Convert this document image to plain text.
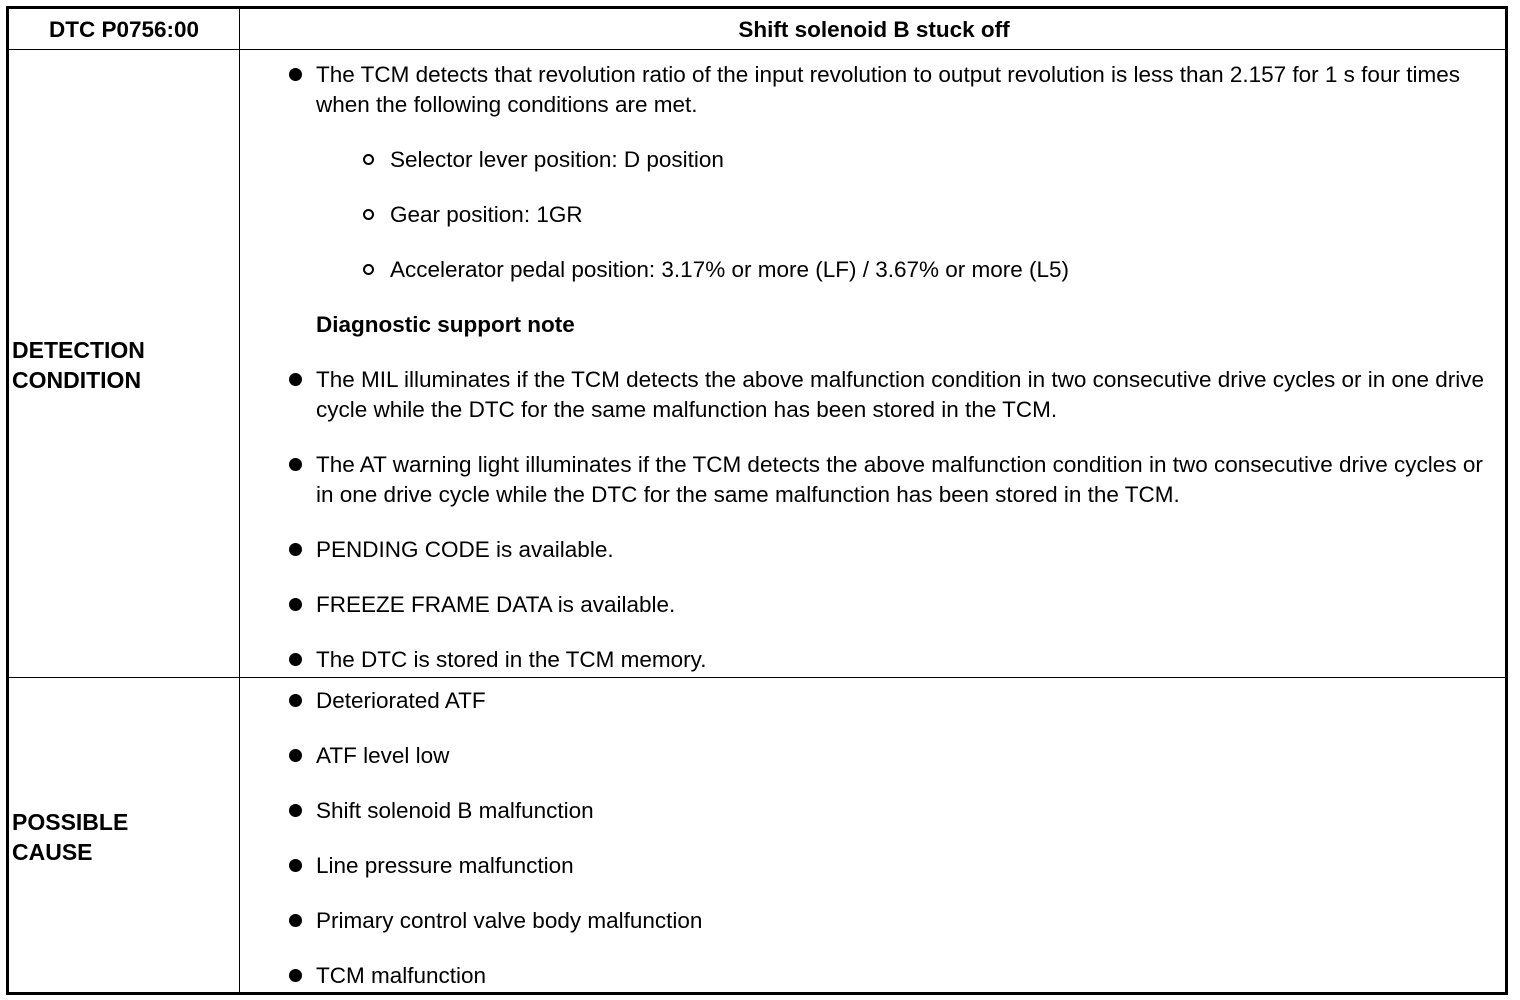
DTC P0756:00	Shift solenoid B stuck off
DETECTION
CONDITION
The TCM detects that revolution ratio of the input revolution to output revolution is less than 2.157 for 1 s four times when the following conditions are met.
Selector lever position: D position
Gear position: 1GR
Accelerator pedal position: 3.17% or more (LF) / 3.67% or more (L5)
Diagnostic support note
The MIL illuminates if the TCM detects the above malfunction condition in two consecutive drive cycles or in one drive cycle while the DTC for the same malfunction has been stored in the TCM.
The AT warning light illuminates if the TCM detects the above malfunction condition in two consecutive drive cycles or in one drive cycle while the DTC for the same malfunction has been stored in the TCM.
PENDING CODE is available.
FREEZE FRAME DATA is available.
The DTC is stored in the TCM memory.
POSSIBLE
CAUSE
Deteriorated ATF
ATF level low
Shift solenoid B malfunction
Line pressure malfunction
Primary control valve body malfunction
TCM malfunction
